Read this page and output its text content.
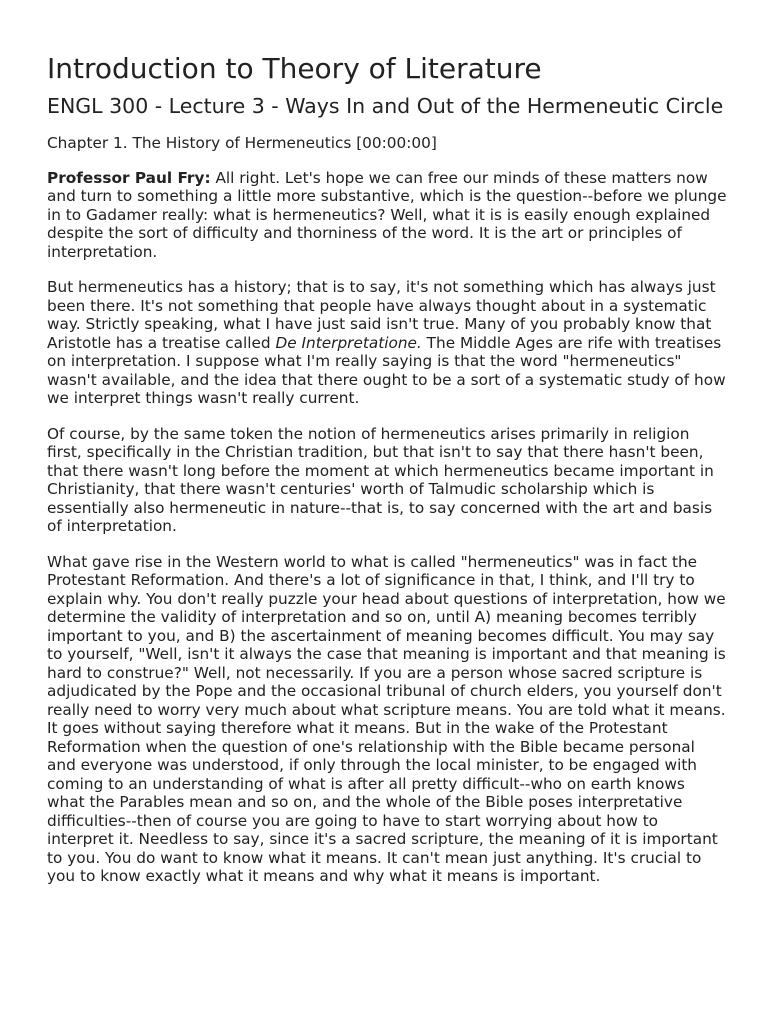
Introduction to Theory of Literature
ENGL 300 - Lecture 3 - Ways In and Out of the Hermeneutic Circle
Chapter 1. The History of Hermeneutics [00:00:00]

Professor Paul Fry: All right. Let's hope we can free our minds of these matters now and turn to something a little more substantive, which is the question--before we plunge in to Gadamer really: what is hermeneutics? Well, what it is is easily enough explained despite the sort of difficulty and thorniness of the word. It is the art or principles of interpretation.

But hermeneutics has a history; that is to say, it's not something which has always just been there. It's not something that people have always thought about in a systematic way. Strictly speaking, what I have just said isn't true. Many of you probably know that Aristotle has a treatise called De Interpretatione. The Middle Ages are rife with treatises on interpretation. I suppose what I'm really saying is that the word "hermeneutics" wasn't available, and the idea that there ought to be a sort of a systematic study of how we interpret things wasn't really current.

Of course, by the same token the notion of hermeneutics arises primarily in religion first, specifically in the Christian tradition, but that isn't to say that there hasn't been, that there wasn't long before the moment at which hermeneutics became important in Christianity, that there wasn't centuries' worth of Talmudic scholarship which is essentially also hermeneutic in nature--that is, to say concerned with the art and basis of interpretation.

What gave rise in the Western world to what is called "hermeneutics" was in fact the Protestant Reformation. And there's a lot of significance in that, I think, and I'll try to explain why. You don't really puzzle your head about questions of interpretation, how we determine the validity of interpretation and so on, until A) meaning becomes terribly important to you, and B) the ascertainment of meaning becomes difficult. You may say to yourself, "Well, isn't it always the case that meaning is important and that meaning is hard to construe?" Well, not necessarily. If you are a person whose sacred scripture is adjudicated by the Pope and the occasional tribunal of church elders, you yourself don't really need to worry very much about what scripture means. You are told what it means. It goes without saying therefore what it means. But in the wake of the Protestant Reformation when the question of one's relationship with the Bible became personal and everyone was understood, if only through the local minister, to be engaged with coming to an understanding of what is after all pretty difficult--who on earth knows what the Parables mean and so on, and the whole of the Bible poses interpretative difficulties--then of course you are going to have to start worrying about how to interpret it. Needless to say, since it's a sacred scripture, the meaning of it is important to you. You do want to know what it means. It can't mean just anything. It's crucial to you to know exactly what it means and why what it means is important.
